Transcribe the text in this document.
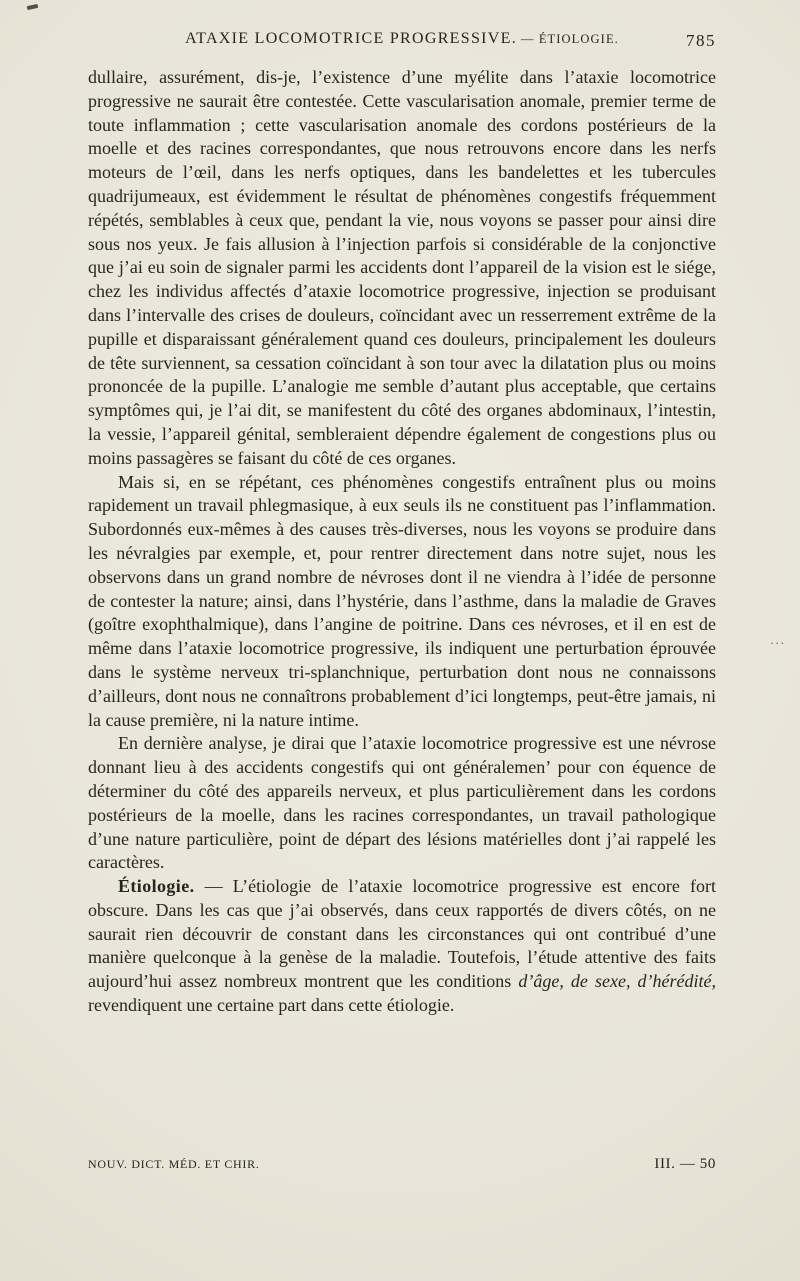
...
ATAXIE LOCOMOTRICE PROGRESSIVE. — ÉTIOLOGIE.	785

dullaire, assurément, dis-je, l’existence d’une myélite dans l’ataxie locomotrice progressive ne saurait être contestée. Cette vascularisation anomale, premier terme de toute inflammation ; cette vascularisation anomale des cordons postérieurs de la moelle et des racines correspondantes, que nous retrouvons encore dans les nerfs moteurs de l’œil, dans les nerfs optiques, dans les bandelettes et les tubercules quadrijumeaux, est évidemment le résultat de phénomènes congestifs fréquemment répétés, semblables à ceux que, pendant la vie, nous voyons se passer pour ainsi dire sous nos yeux. Je fais allusion à l’injection parfois si considérable de la conjonctive que j’ai eu soin de signaler parmi les accidents dont l’appareil de la vision est le siége, chez les individus affectés d’ataxie locomotrice progressive, injection se produisant dans l’intervalle des crises de douleurs, coïncidant avec un resserrement extrême de la pupille et disparaissant généralement quand ces douleurs, principalement les douleurs de tête surviennent, sa cessation coïncidant à son tour avec la dilatation plus ou moins prononcée de la pupille. L’analogie me semble d’autant plus acceptable, que certains symptômes qui, je l’ai dit, se manifestent du côté des organes abdominaux, l’intestin, la vessie, l’appareil génital, sembleraient dépendre également de congestions plus ou moins passagères se faisant du côté de ces organes.

Mais si, en se répétant, ces phénomènes congestifs entraînent plus ou moins rapidement un travail phlegmasique, à eux seuls ils ne constituent pas l’inflammation. Subordonnés eux-mêmes à des causes très-diverses, nous les voyons se produire dans les névralgies par exemple, et, pour rentrer directement dans notre sujet, nous les observons dans un grand nombre de névroses dont il ne viendra à l’idée de personne de contester la nature; ainsi, dans l’hystérie, dans l’asthme, dans la maladie de Graves (goître exophthalmique), dans l’angine de poitrine. Dans ces névroses, et il en est de même dans l’ataxie locomotrice progressive, ils indiquent une perturbation éprouvée dans le système nerveux tri-splanchnique, perturbation dont nous ne connaissons d’ailleurs, dont nous ne connaîtrons probablement d’ici longtemps, peut-être jamais, ni la cause première, ni la nature intime.

En dernière analyse, je dirai que l’ataxie locomotrice progressive est une névrose donnant lieu à des accidents congestifs qui ont généralemen’ pour con équence de déterminer du côté des appareils nerveux, et plus particulièrement dans les cordons postérieurs de la moelle, dans les racines correspondantes, un travail pathologique d’une nature particulière, point de départ des lésions matérielles dont j’ai rappelé les caractères.

Étiologie. — L’étiologie de l’ataxie locomotrice progressive est encore fort obscure. Dans les cas que j’ai observés, dans ceux rapportés de divers côtés, on ne saurait rien découvrir de constant dans les circonstances qui ont contribué d’une manière quelconque à la genèse de la maladie. Toutefois, l’étude attentive des faits aujourd’hui assez nombreux montrent que les conditions d’âge, de sexe, d’hérédité, revendiquent une certaine part dans cette étiologie.

NOUV. DICT. MÉD. ET CHIR.	III. — 50
